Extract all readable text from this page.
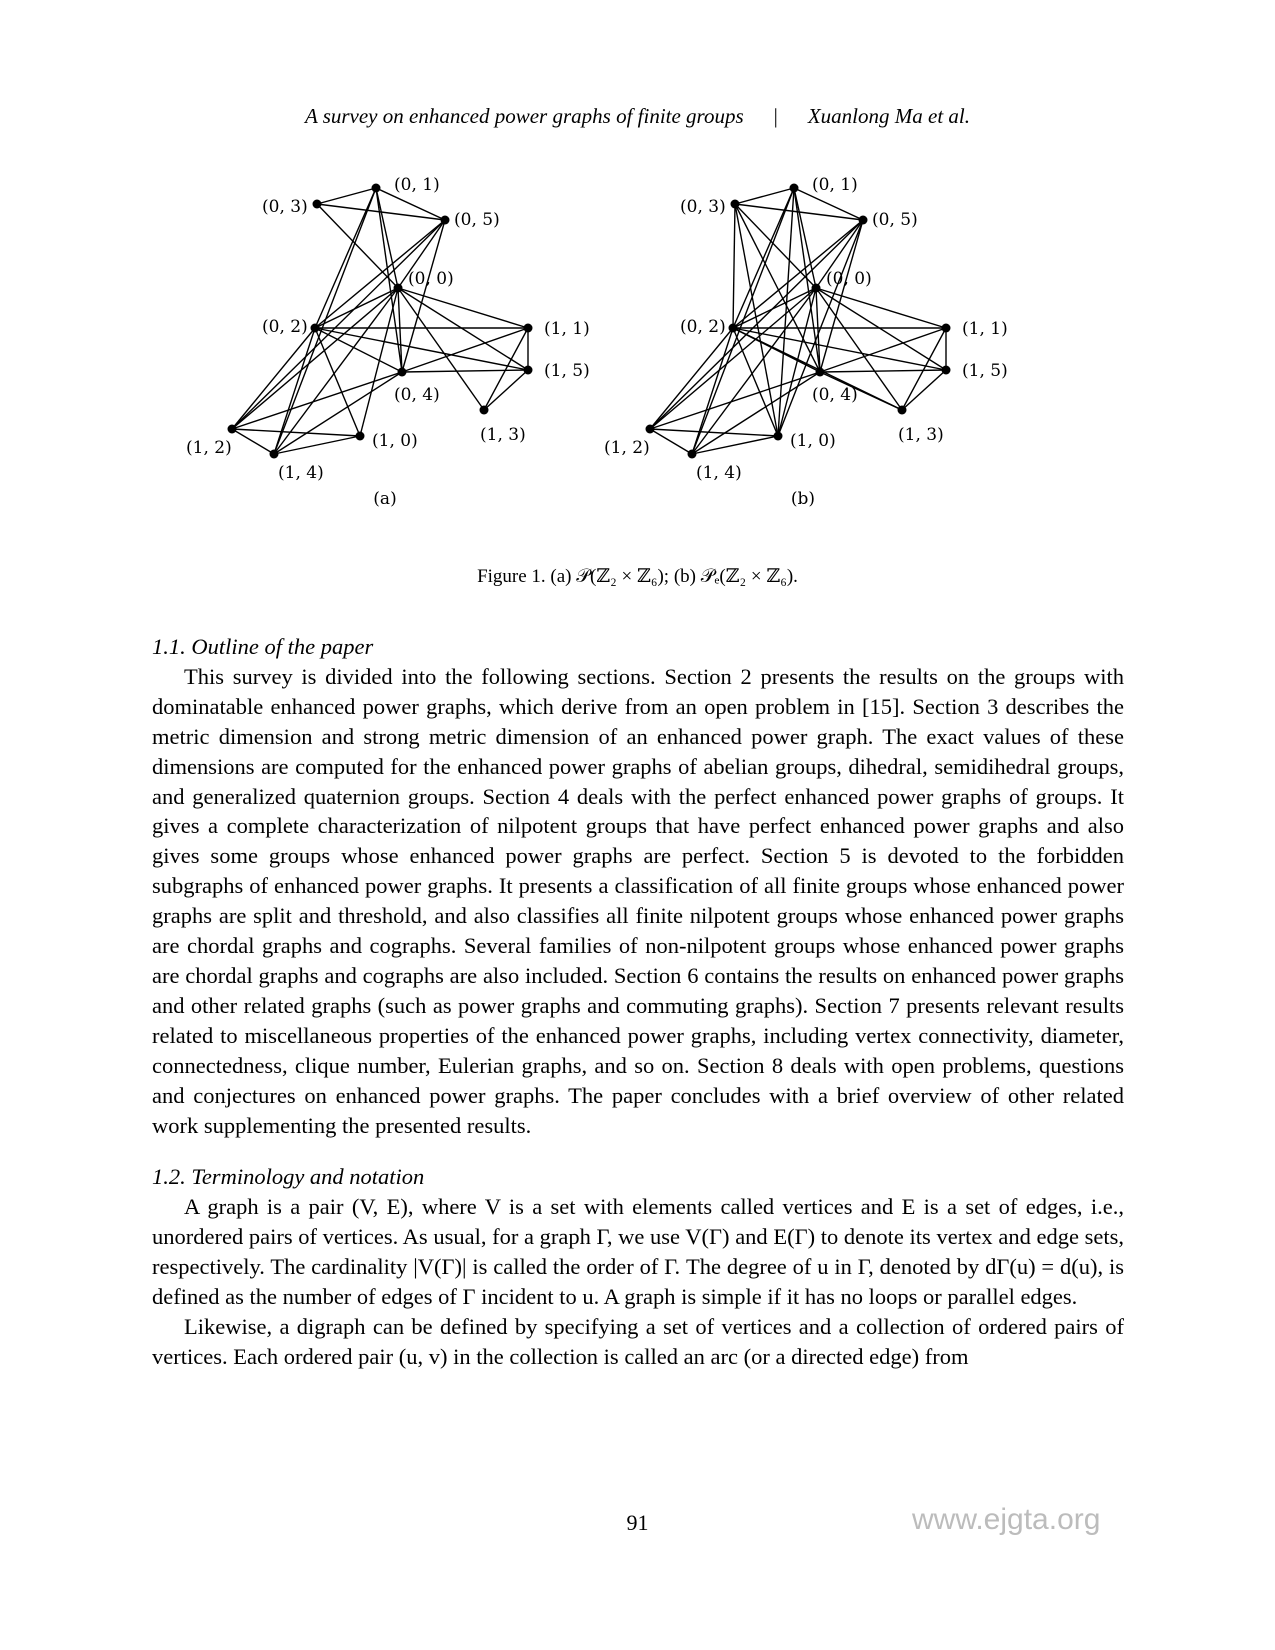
A survey on enhanced power graphs of finite groups | Xuanlong Ma et al.
(0, 1)
(0, 3)
(0, 5)
(0, 0)
(0, 2)	(1, 1)
(1, 5)
(0, 4)
(1, 3)
(1, 0)
(1, 2)
(1, 4)
(a)
(0, 1)
(0, 3)
(0, 5)
(0, 0)
(0, 2)	(1, 1)
(1, 5)
(0, 4)
(1, 3)
(1, 0)
(1, 2)
(1, 4)
(b)
Figure 1. (a) 𝒫(ℤ₂ × ℤ₆); (b) 𝒫ₑ(ℤ₂ × ℤ₆).
1.1. Outline of the paper

This survey is divided into the following sections. Section 2 presents the results on the groups with dominatable enhanced power graphs, which derive from an open problem in [15]. Section 3 describes the metric dimension and strong metric dimension of an enhanced power graph. The exact values of these dimensions are computed for the enhanced power graphs of abelian groups, dihedral, semidihedral groups, and generalized quaternion groups. Section 4 deals with the perfect enhanced power graphs of groups. It gives a complete characterization of nilpotent groups that have perfect enhanced power graphs and also gives some groups whose enhanced power graphs are perfect. Section 5 is devoted to the forbidden subgraphs of enhanced power graphs. It presents a classification of all finite groups whose enhanced power graphs are split and threshold, and also classifies all finite nilpotent groups whose enhanced power graphs are chordal graphs and cographs. Several families of non-nilpotent groups whose enhanced power graphs are chordal graphs and cographs are also included. Section 6 contains the results on enhanced power graphs and other related graphs (such as power graphs and commuting graphs). Section 7 presents relevant results related to miscellaneous properties of the enhanced power graphs, including vertex connectivity, diameter, connectedness, clique number, Eulerian graphs, and so on. Section 8 deals with open problems, questions and conjectures on enhanced power graphs. The paper concludes with a brief overview of other related work supplementing the presented results.

1.2. Terminology and notation

A graph is a pair (V, E), where V is a set with elements called vertices and E is a set of edges, i.e., unordered pairs of vertices. As usual, for a graph Γ, we use V(Γ) and E(Γ) to denote its vertex and edge sets, respectively. The cardinality |V(Γ)| is called the order of Γ. The degree of u in Γ, denoted by dΓ(u) = d(u), is defined as the number of edges of Γ incident to u. A graph is simple if it has no loops or parallel edges.

Likewise, a digraph can be defined by specifying a set of vertices and a collection of ordered pairs of vertices. Each ordered pair (u, v) in the collection is called an arc (or a directed edge) from

91	www.ejgta.org
